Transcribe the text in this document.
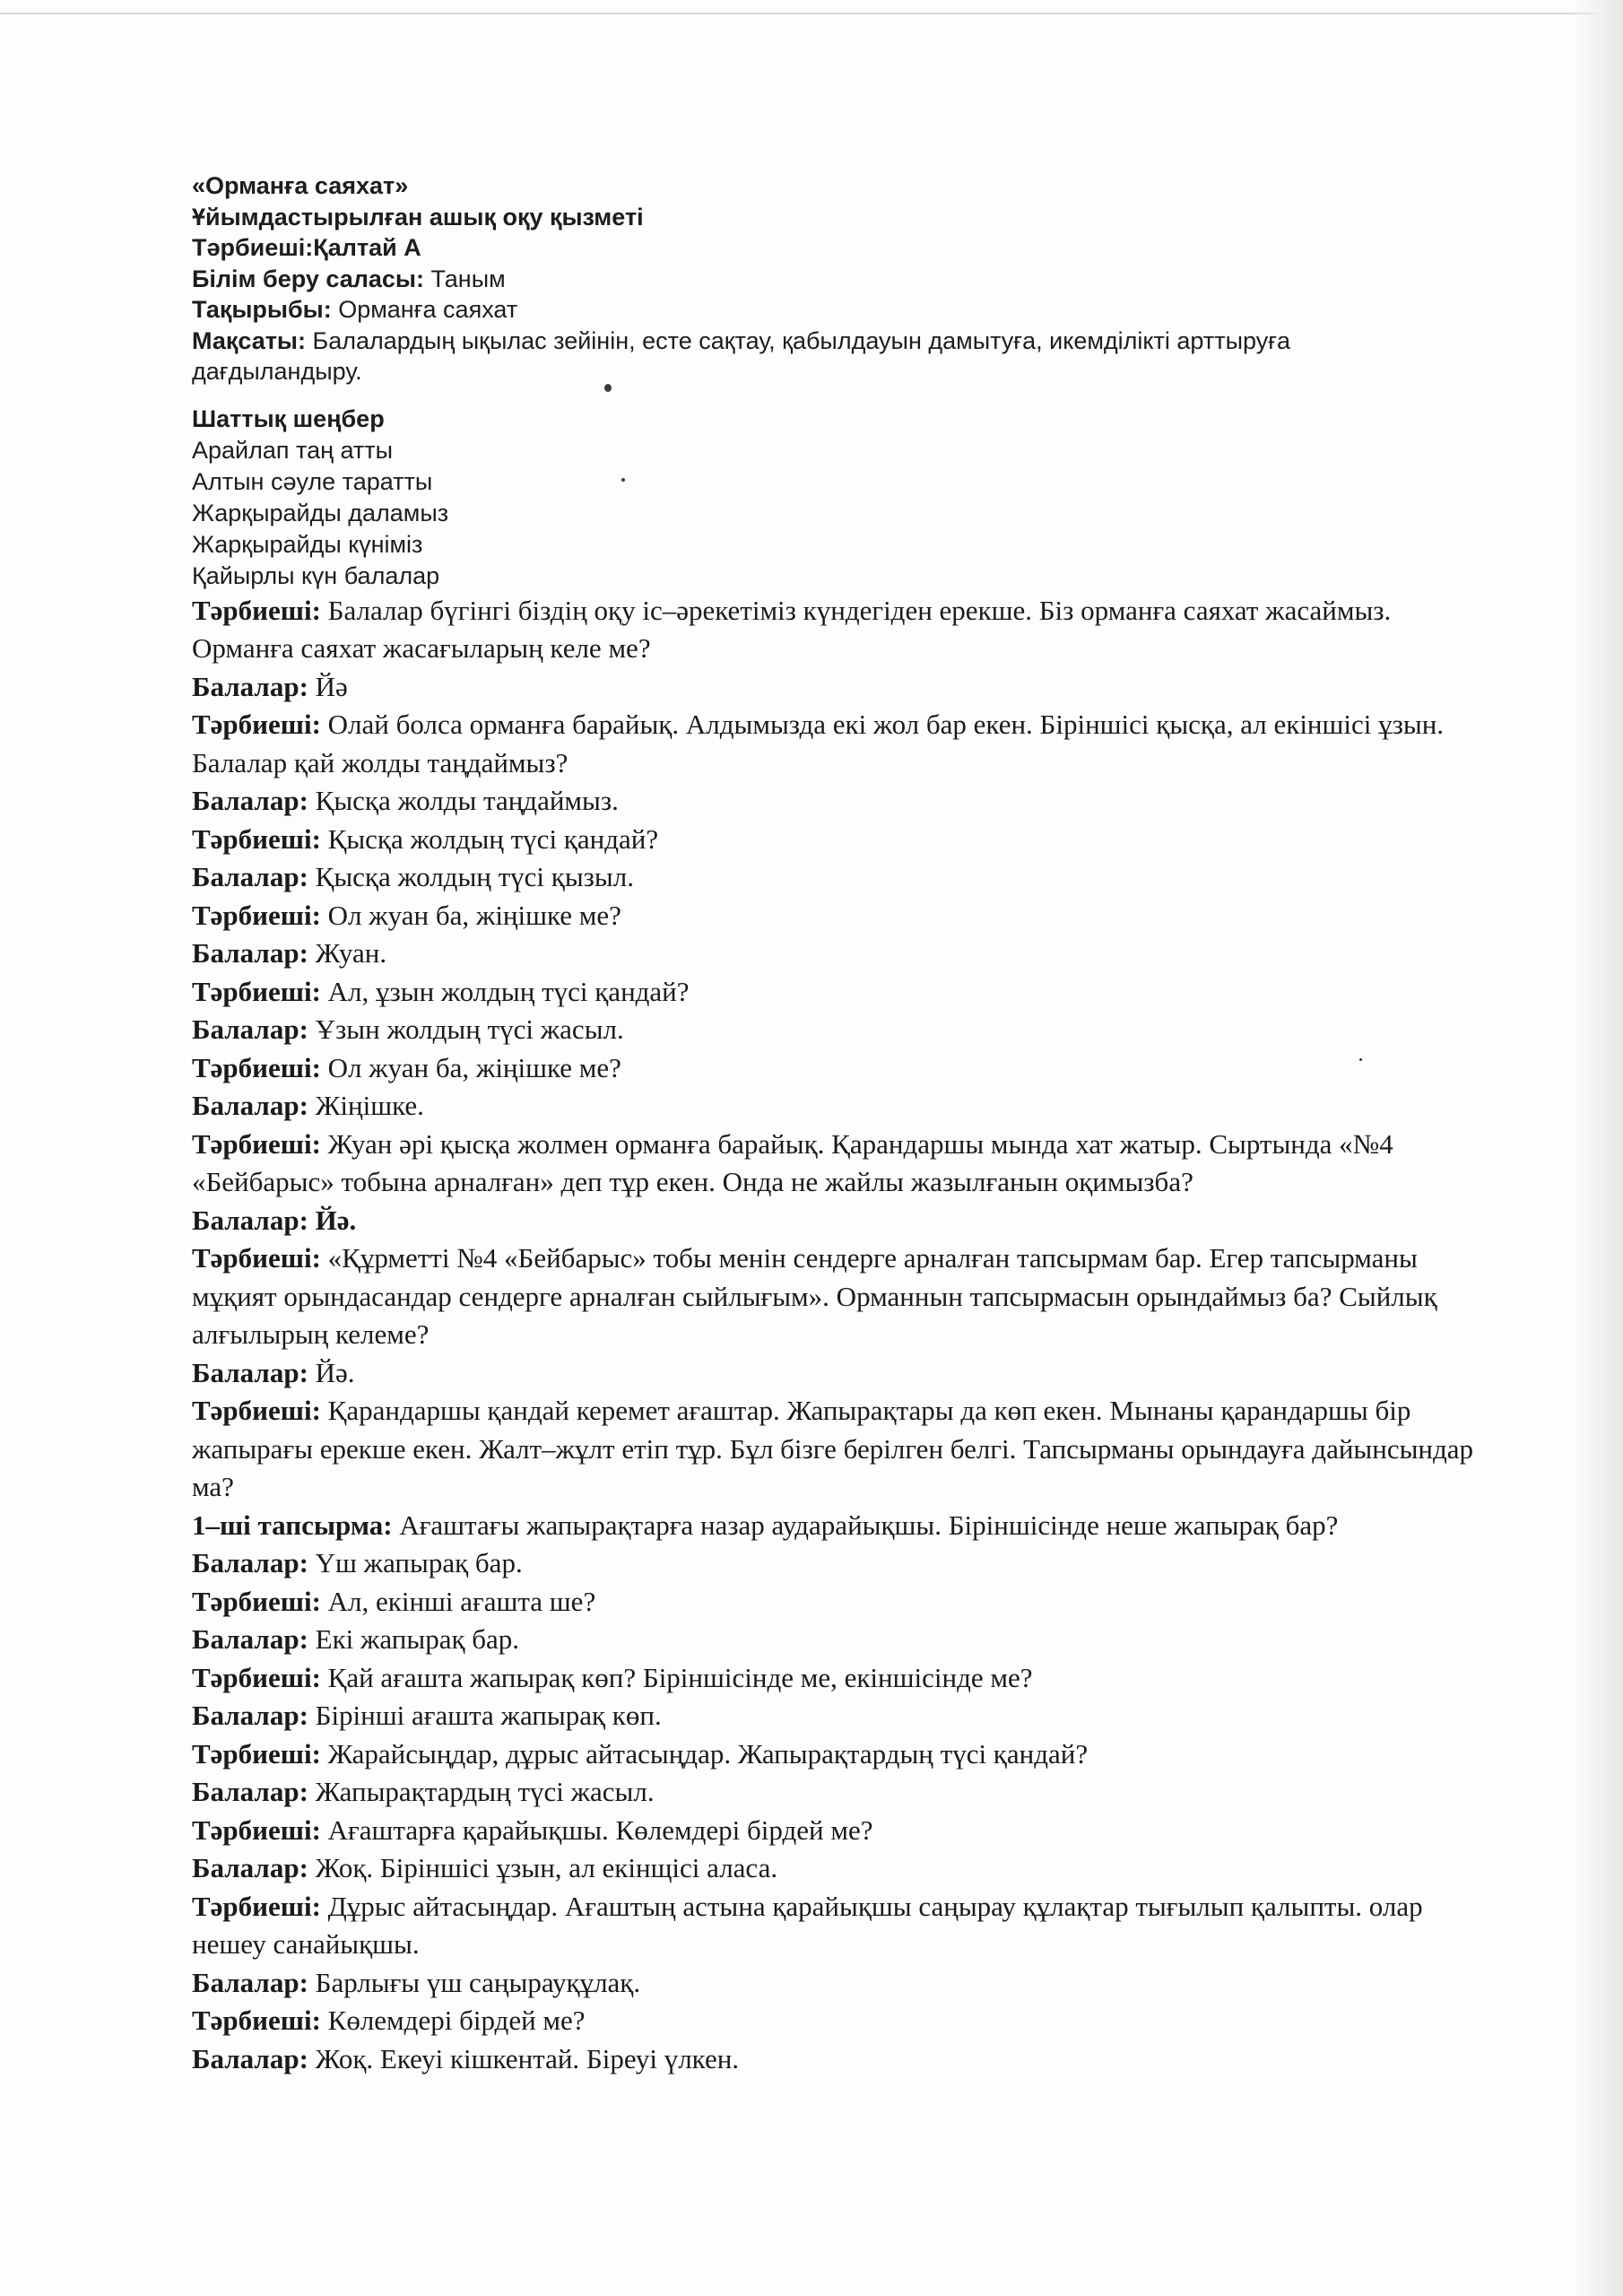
«Орманға саяхат»
Ұйымдастырылған ашық оқу қызметі
Тәрбиеші:Қалтай А
Білім беру саласы: Таным
Тақырыбы: Орманға саяхат
Мақсаты: Балалардың ықылас зейінін, есте сақтау, қабылдауын дамытуға, икемділікті арттыруға дағдыландыру.
Шаттық шеңбер
Арайлап таң атты
Алтын сәуле таратты
Жарқырайды даламыз
Жарқырайды күніміз
Қайырлы күн балалар
Тәрбиеші: Балалар бүгінгі біздің оқу іс–әрекетіміз күндегіден ерекше. Біз орманға саяхат жасаймыз. Орманға саяхат жасағыларың келе ме?
Балалар: Йә
Тәрбиеші: Олай болса орманға барайық. Алдымызда екі жол бар екен. Біріншісі қысқа, ал екіншісі ұзын. Балалар қай жолды таңдаймыз?
Балалар: Қысқа жолды таңдаймыз.
Тәрбиеші: Қысқа жолдың түсі қандай?
Балалар: Қысқа жолдың түсі қызыл.
Тәрбиеші: Ол жуан ба, жіңішке ме?
Балалар: Жуан.
Тәрбиеші: Ал, ұзын жолдың түсі қандай?
Балалар: Ұзын жолдың түсі жасыл.
Тәрбиеші: Ол жуан ба, жіңішке ме?
Балалар: Жіңішке.
Тәрбиеші: Жуан әрі қысқа жолмен орманға барайық. Қарандаршы мында хат жатыр. Сыртында «№4 «Бейбарыс» тобына арналған» деп тұр екен. Онда не жайлы жазылғанын оқимызба?
Балалар: Йә.
Тәрбиеші: «Құрметті №4 «Бейбарыс» тобы менін сендерге арналған тапсырмам бар. Егер тапсырманы мұқият орындасандар сендерге арналған сыйлығым». Орманнын тапсырмасын орындаймыз ба? Сыйлық алғылырың келеме?
Балалар: Йә.
Тәрбиеші: Қарандаршы қандай керемет ағаштар. Жапырақтары да көп екен. Мынаны қарандаршы бір жапырағы ерекше екен. Жалт–жұлт етіп тұр. Бұл бізге берілген белгі. Тапсырманы орындауға дайынсындар ма?
1–ші тапсырма: Ағаштағы жапырақтарға назар аударайықшы. Біріншісінде неше жапырақ бар?
Балалар: Үш жапырақ бар.
Тәрбиеші: Ал, екінші ағашта ше?
Балалар: Екі жапырақ бар.
Тәрбиеші: Қай ағашта жапырақ көп? Біріншісінде ме, екіншісінде ме?
Балалар: Бірінші ағашта жапырақ көп.
Тәрбиеші: Жарайсыңдар, дұрыс айтасыңдар. Жапырақтардың түсі қандай?
Балалар: Жапырақтардың түсі жасыл.
Тәрбиеші: Ағаштарға қарайықшы. Көлемдері бірдей ме?
Балалар: Жоқ. Біріншісі ұзын, ал екінщісі аласа.
Тәрбиеші: Дұрыс айтасыңдар. Ағаштың астына қарайықшы саңырау құлақтар тығылып қалыпты. олар нешеу санайықшы.
Балалар: Барлығы үш саңырауқұлақ.
Тәрбиеші: Көлемдері бірдей ме?
Балалар: Жоқ. Екеуі кішкентай. Біреуі үлкен.
